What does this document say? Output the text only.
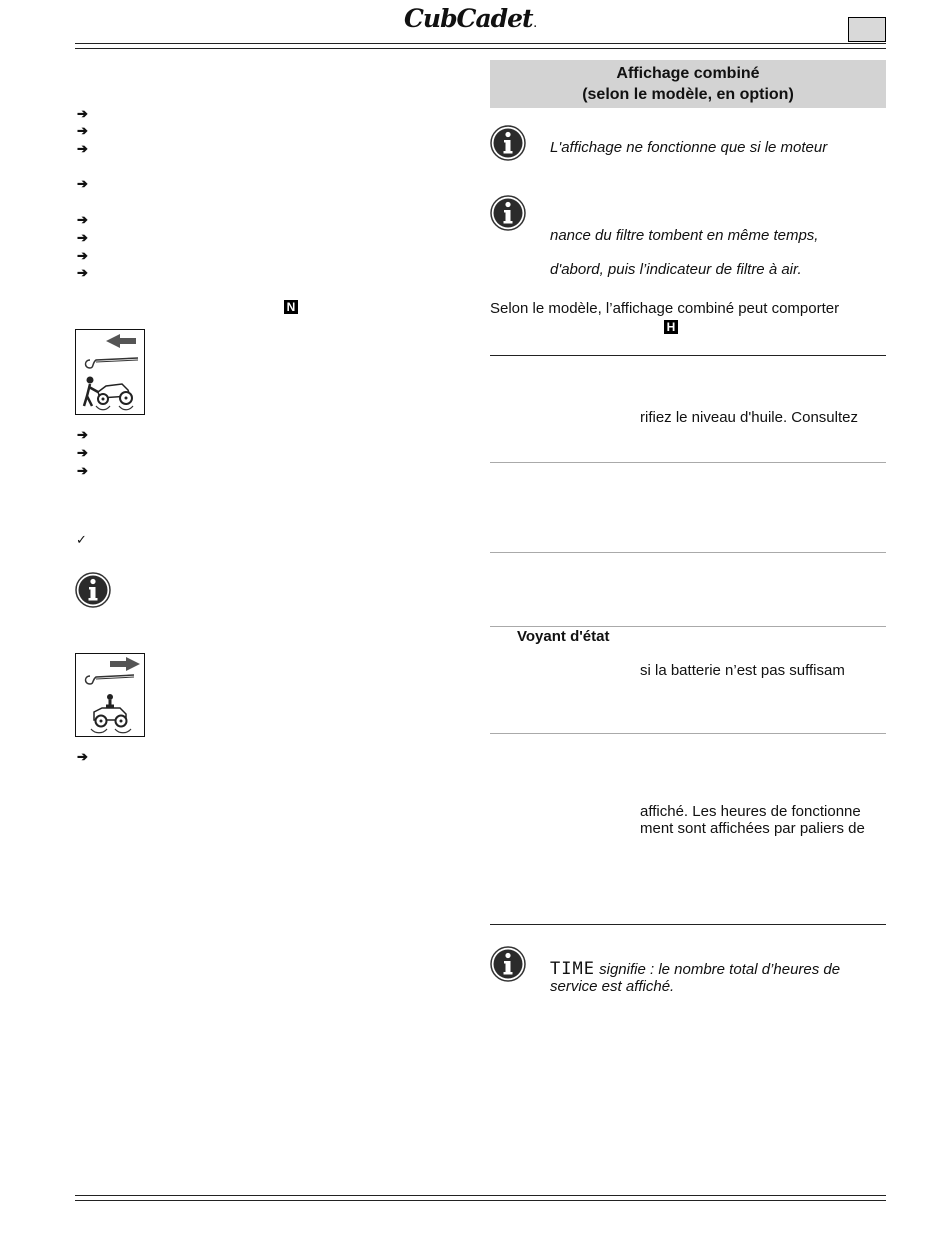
CubCadet.
➔
➔
➔
➔
➔
➔
➔
➔
N
➔
➔
➔
✓
➔
Affichage combiné
(selon le modèle, en option)
L'affichage ne fonctionne que si le moteur
nance du filtre tombent en même temps,
d'abord, puis l’indicateur de filtre à air.
Selon le modèle, l’affichage combiné peut comporter
H
rifiez le niveau d'huile. Consultez
Voyant d'état
si la batterie n’est pas suffisam
affiché. Les heures de fonctionne
ment sont affichées par paliers de
TIME signifie : le nombre total d’heures de
service est affiché.
